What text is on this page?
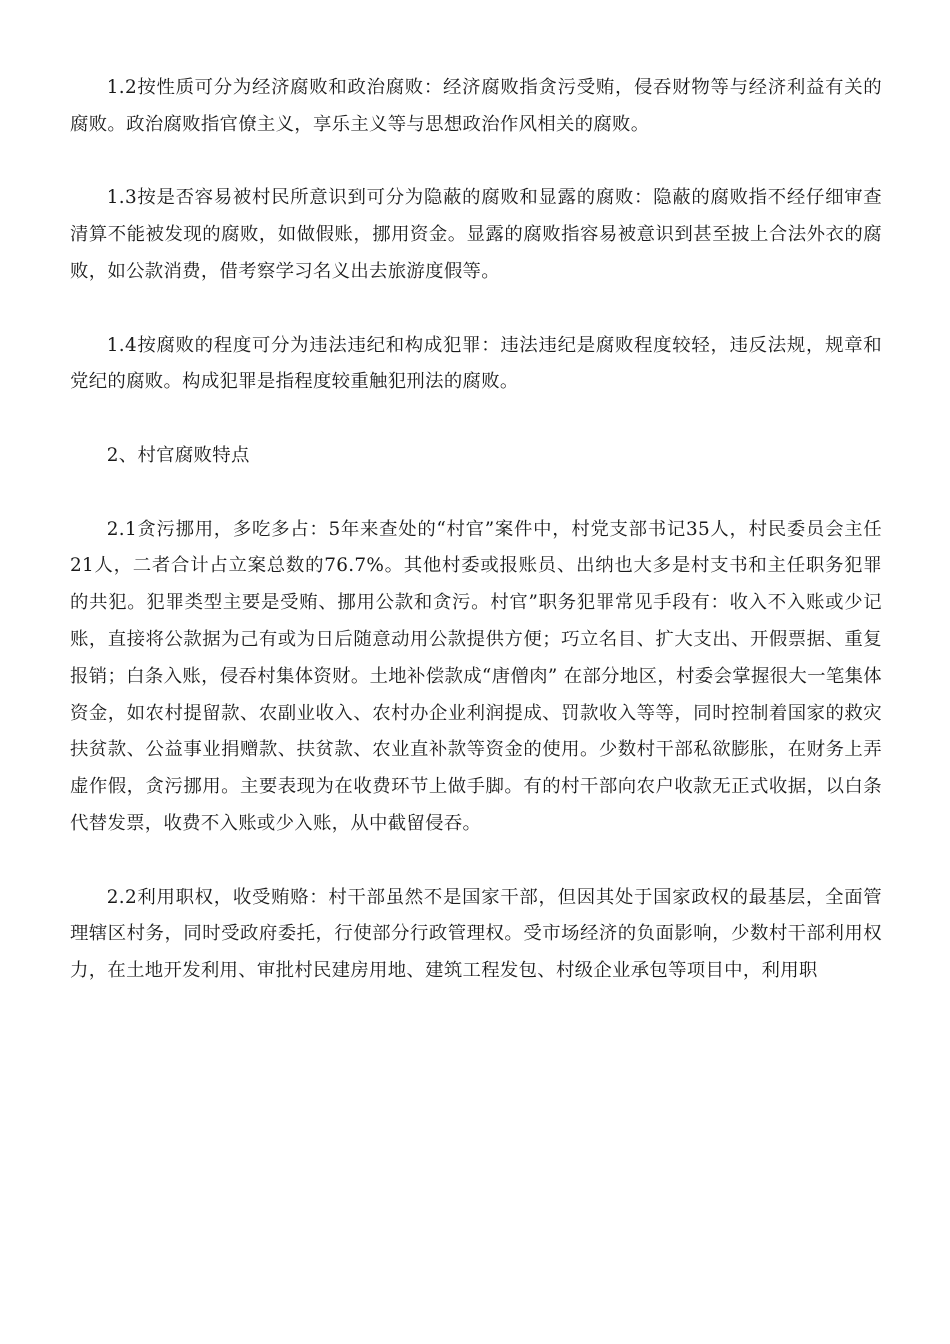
1.2按性质可分为经济腐败和政治腐败：经济腐败指贪污受贿，侵吞财物等与经济利益有关的腐败。政治腐败指官僚主义，享乐主义等与思想政治作风相关的腐败。

1.3按是否容易被村民所意识到可分为隐蔽的腐败和显露的腐败：隐蔽的腐败指不经仔细审查清算不能被发现的腐败，如做假账，挪用资金。显露的腐败指容易被意识到甚至披上合法外衣的腐败，如公款消费，借考察学习名义出去旅游度假等。

1.4按腐败的程度可分为违法违纪和构成犯罪：违法违纪是腐败程度较轻，违反法规，规章和党纪的腐败。构成犯罪是指程度较重触犯刑法的腐败。

2、村官腐败特点

2.1贪污挪用，多吃多占：5年来查处的“村官”案件中，村党支部书记35人，村民委员会主任21人，二者合计占立案总数的76.7%。其他村委或报账员、出纳也大多是村支书和主任职务犯罪的共犯。犯罪类型主要是受贿、挪用公款和贪污。村官”职务犯罪常见手段有：收入不入账或少记账，直接将公款据为己有或为日后随意动用公款提供方便；巧立名目、扩大支出、开假票据、重复报销；白条入账，侵吞村集体资财。土地补偿款成“唐僧肉” 在部分地区，村委会掌握很大一笔集体资金，如农村提留款、农副业收入、农村办企业利润提成、罚款收入等等，同时控制着国家的救灾扶贫款、公益事业捐赠款、扶贫款、农业直补款等资金的使用。少数村干部私欲膨胀，在财务上弄虚作假，贪污挪用。主要表现为在收费环节上做手脚。有的村干部向农户收款无正式收据，以白条代替发票，收费不入账或少入账，从中截留侵吞。

2.2利用职权，收受贿赂：村干部虽然不是国家干部，但因其处于国家政权的最基层，全面管理辖区村务，同时受政府委托，行使部分行政管理权。受市场经济的负面影响，少数村干部利用权力，在土地开发利用、审批村民建房用地、建筑工程发包、村级企业承包等项目中，利用职
